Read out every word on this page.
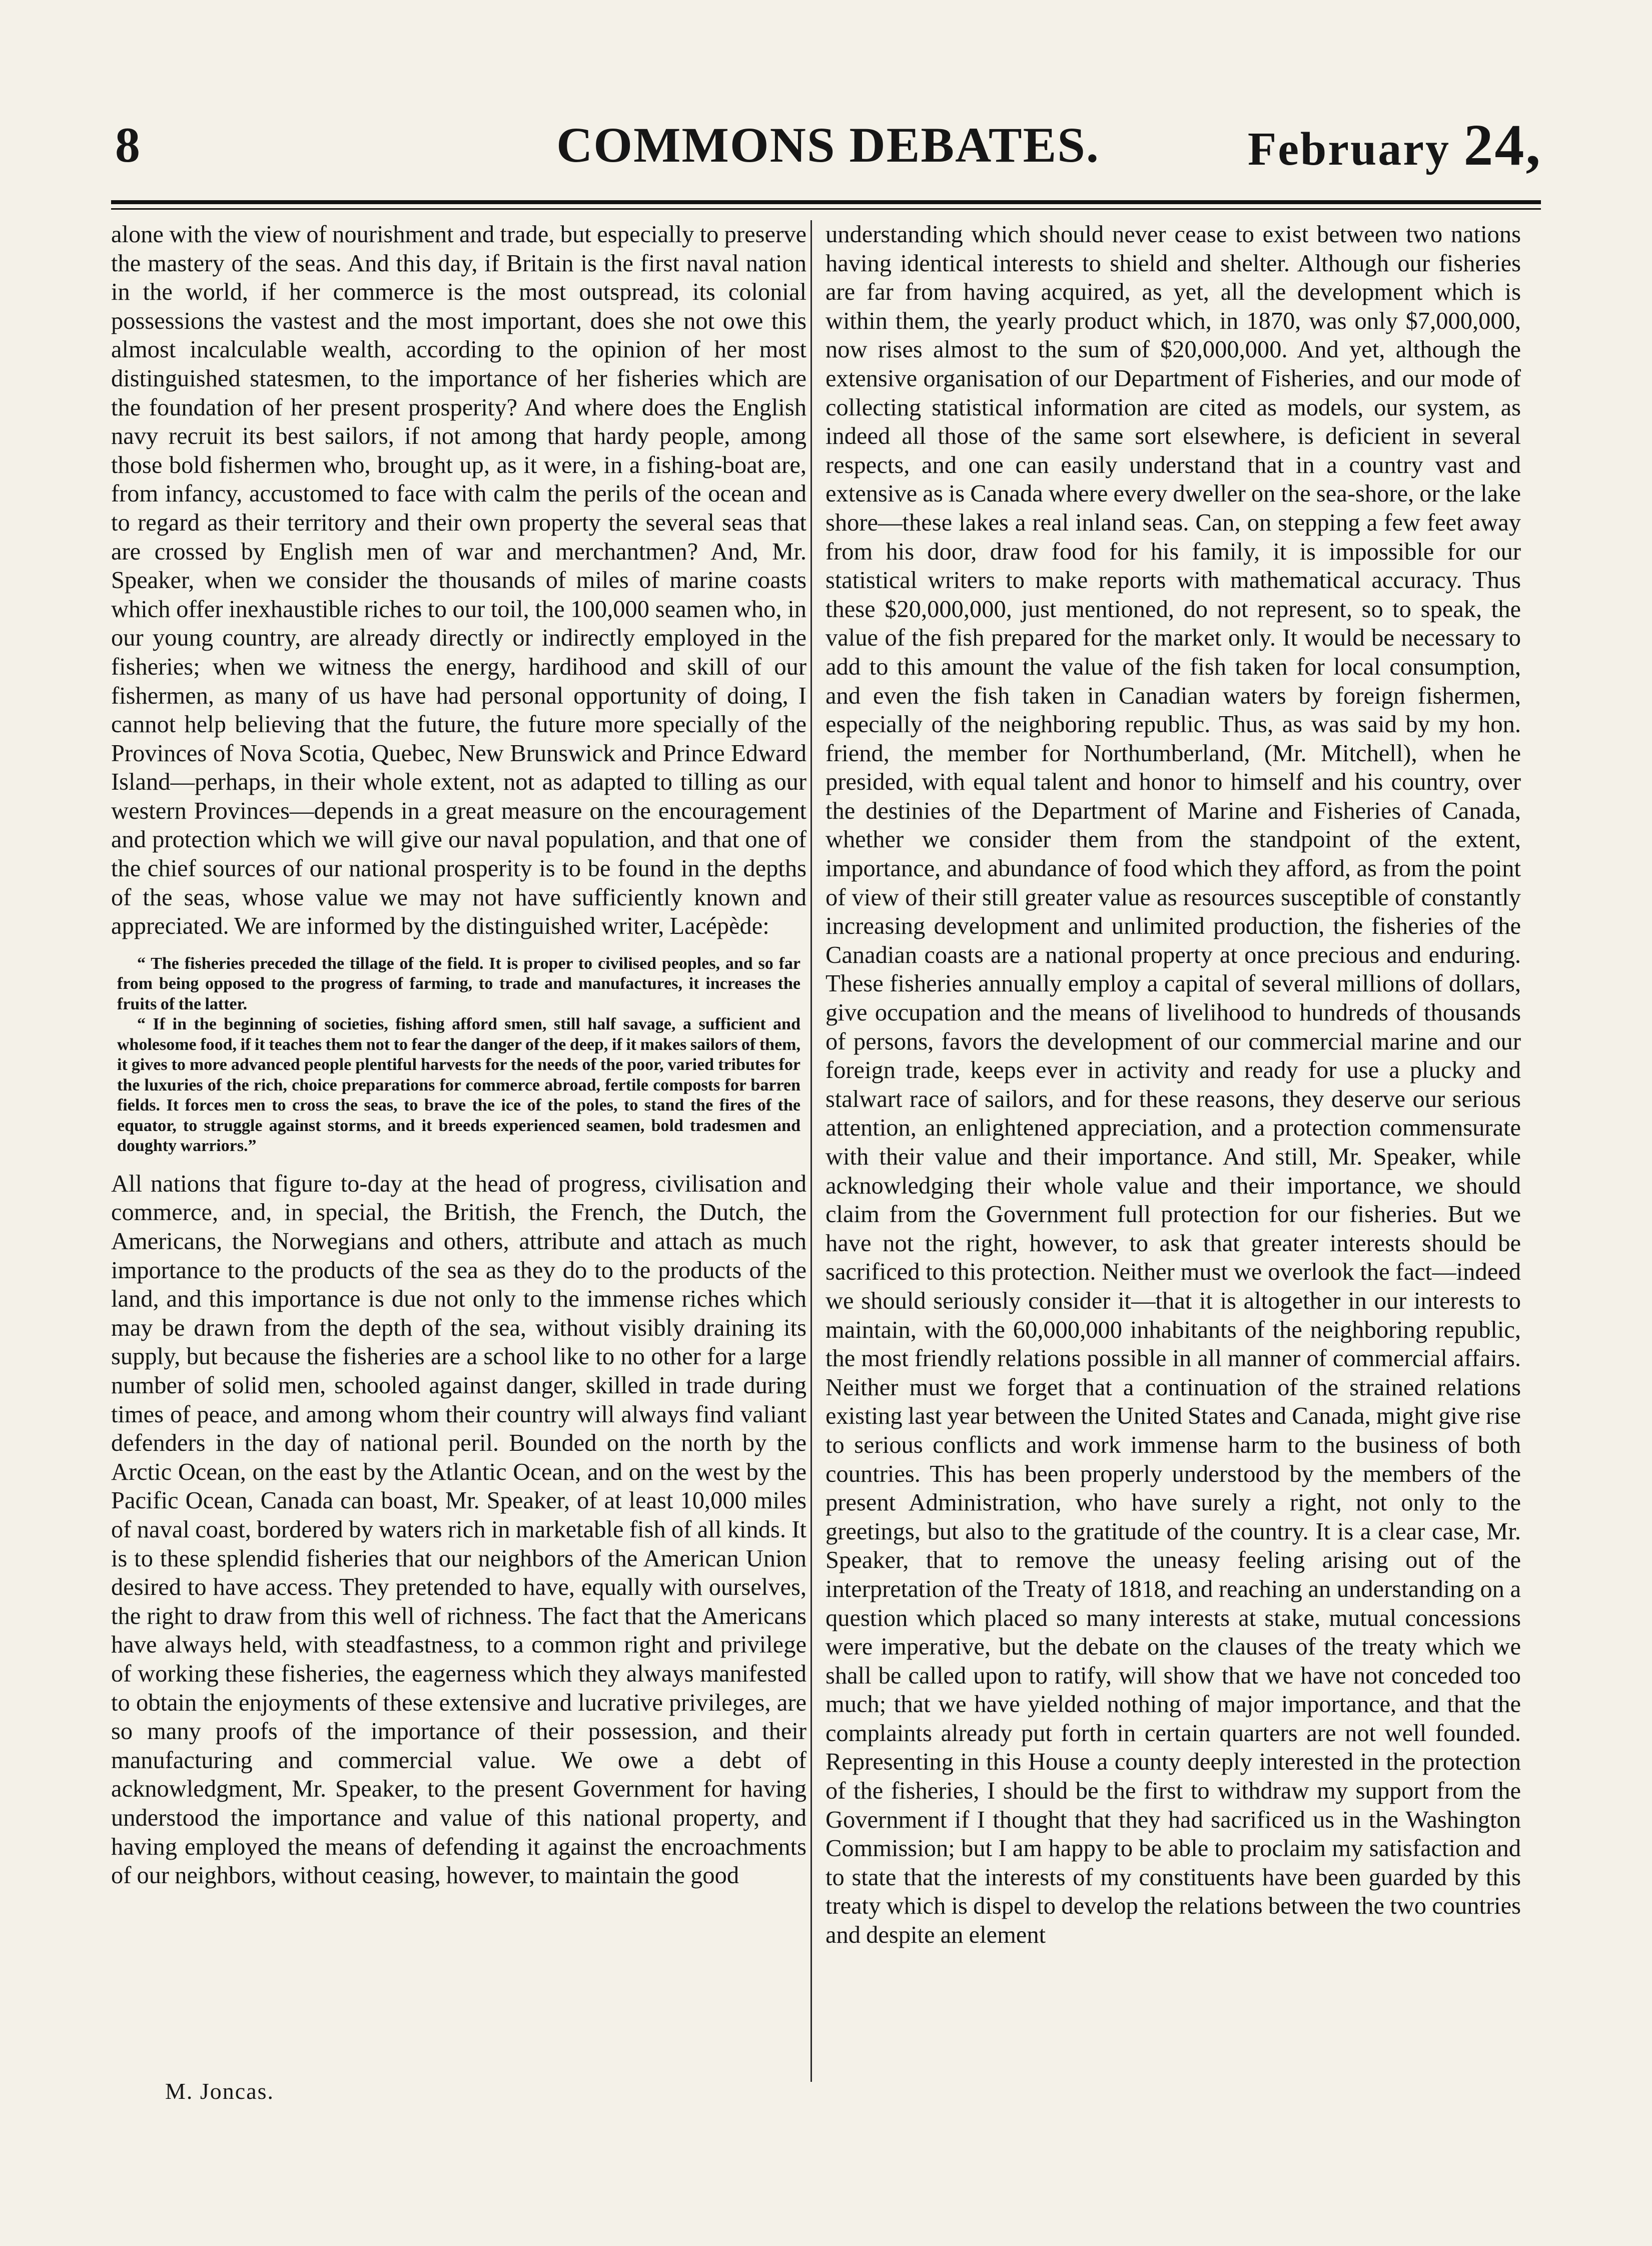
8	COMMONS DEBATES.	February 24,

alone with the view of nourishment and trade, but especially to preserve the mastery of the seas. And this day, if Britain is the first naval nation in the world, if her commerce is the most outspread, its colonial possessions the vastest and the most important, does she not owe this almost incalculable wealth, according to the opinion of her most distinguished statesmen, to the importance of her fisheries which are the foundation of her present prosperity? And where does the English navy recruit its best sailors, if not among that hardy people, among those bold fishermen who, brought up, as it were, in a fishing-boat are, from infancy, accustomed to face with calm the perils of the ocean and to regard as their territory and their own property the several seas that are crossed by English men of war and merchantmen? And, Mr. Speaker, when we consider the thousands of miles of marine coasts which offer inexhaustible riches to our toil, the 100,000 seamen who, in our young country, are already directly or indirectly employed in the fisheries; when we witness the energy, hardihood and skill of our fishermen, as many of us have had personal opportunity of doing, I cannot help believing that the future, the future more specially of the Provinces of Nova Scotia, Quebec, New Brunswick and Prince Edward Island—perhaps, in their whole extent, not as adapted to tilling as our western Provinces—depends in a great measure on the encouragement and protection which we will give our naval population, and that one of the chief sources of our national prosperity is to be found in the depths of the seas, whose value we may not have sufficiently known and appreciated. We are informed by the distinguished writer, Lacépède:

“ The fisheries preceded the tillage of the field. It is proper to civilised peoples, and so far from being opposed to the progress of farming, to trade and manufactures, it increases the fruits of the latter.

“ If in the beginning of societies, fishing afford smen, still half savage, a sufficient and wholesome food, if it teaches them not to fear the danger of the deep, if it makes sailors of them, it gives to more advanced people plentiful harvests for the needs of the poor, varied tributes for the luxuries of the rich, choice preparations for commerce abroad, fertile composts for barren fields. It forces men to cross the seas, to brave the ice of the poles, to stand the fires of the equator, to struggle against storms, and it breeds experienced seamen, bold tradesmen and doughty warriors.”

All nations that figure to-day at the head of progress, civilisation and commerce, and, in special, the British, the French, the Dutch, the Americans, the Norwegians and others, attribute and attach as much importance to the products of the sea as they do to the products of the land, and this importance is due not only to the immense riches which may be drawn from the depth of the sea, without visibly draining its supply, but because the fisheries are a school like to no other for a large number of solid men, schooled against danger, skilled in trade during times of peace, and among whom their country will always find valiant defenders in the day of national peril. Bounded on the north by the Arctic Ocean, on the east by the Atlantic Ocean, and on the west by the Pacific Ocean, Canada can boast, Mr. Speaker, of at least 10,000 miles of naval coast, bordered by waters rich in marketable fish of all kinds. It is to these splendid fisheries that our neighbors of the American Union desired to have access. They pretended to have, equally with ourselves, the right to draw from this well of richness. The fact that the Americans have always held, with steadfastness, to a common right and privilege of working these fisheries, the eagerness which they always manifested to obtain the enjoyments of these extensive and lucrative privileges, are so many proofs of the importance of their possession, and their manufacturing and commercial value. We owe a debt of acknowledgment, Mr. Speaker, to the present Government for having understood the importance and value of this national property, and having employed the means of defending it against the encroachments of our neighbors, without ceasing, however, to maintain the good

understanding which should never cease to exist between two nations having identical interests to shield and shelter. Although our fisheries are far from having acquired, as yet, all the development which is within them, the yearly product which, in 1870, was only $7,000,000, now rises almost to the sum of $20,000,000. And yet, although the extensive organisation of our Department of Fisheries, and our mode of collecting statistical information are cited as models, our system, as indeed all those of the same sort elsewhere, is deficient in several respects, and one can easily understand that in a country vast and extensive as is Canada where every dweller on the sea-shore, or the lake shore—these lakes a real inland seas. Can, on stepping a few feet away from his door, draw food for his family, it is impossible for our statistical writers to make reports with mathematical accuracy. Thus these $20,000,000, just mentioned, do not represent, so to speak, the value of the fish prepared for the market only. It would be necessary to add to this amount the value of the fish taken for local consumption, and even the fish taken in Canadian waters by foreign fishermen, especially of the neighboring republic. Thus, as was said by my hon. friend, the member for Northumberland, (Mr. Mitchell), when he presided, with equal talent and honor to himself and his country, over the destinies of the Department of Marine and Fisheries of Canada, whether we consider them from the standpoint of the extent, importance, and abundance of food which they afford, as from the point of view of their still greater value as resources susceptible of constantly increasing development and unlimited production, the fisheries of the Canadian coasts are a national property at once precious and enduring. These fisheries annually employ a capital of several millions of dollars, give occupation and the means of livelihood to hundreds of thousands of persons, favors the development of our commercial marine and our foreign trade, keeps ever in activity and ready for use a plucky and stalwart race of sailors, and for these reasons, they deserve our serious attention, an enlightened appreciation, and a protection commensurate with their value and their importance. And still, Mr. Speaker, while acknowledging their whole value and their importance, we should claim from the Government full protection for our fisheries. But we have not the right, however, to ask that greater interests should be sacrificed to this protection. Neither must we overlook the fact—indeed we should seriously consider it—that it is altogether in our interests to maintain, with the 60,000,000 inhabitants of the neighboring republic, the most friendly relations possible in all manner of commercial affairs. Neither must we forget that a continuation of the strained relations existing last year between the United States and Canada, might give rise to serious conflicts and work immense harm to the business of both countries. This has been properly understood by the members of the present Administration, who have surely a right, not only to the greetings, but also to the gratitude of the country. It is a clear case, Mr. Speaker, that to remove the uneasy feeling arising out of the interpretation of the Treaty of 1818, and reaching an understanding on a question which placed so many interests at stake, mutual concessions were imperative, but the debate on the clauses of the treaty which we shall be called upon to ratify, will show that we have not conceded too much; that we have yielded nothing of major importance, and that the complaints already put forth in certain quarters are not well founded. Representing in this House a county deeply interested in the protection of the fisheries, I should be the first to withdraw my support from the Government if I thought that they had sacrificed us in the Washington Commission; but I am happy to be able to proclaim my satisfaction and to state that the interests of my constituents have been guarded by this treaty which is dispel to develop the relations between the two countries and despite an element

M. Joncas.
